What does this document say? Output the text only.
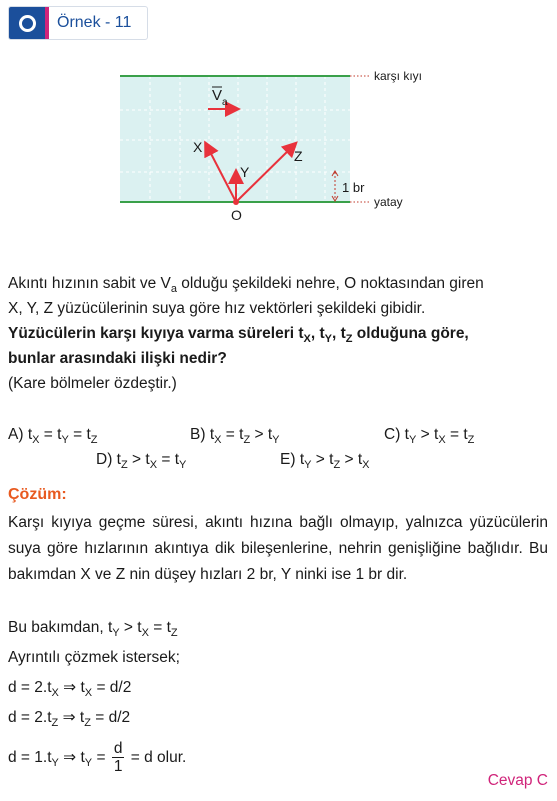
Örnek - 11
V a
X
Y
Z
O
1 br
karşı kıyı
yatay
Akıntı hızının sabit ve $V_a$ olduğu şekildeki nehre, O noktasından giren
X, Y, Z yüzücülerinin suya göre hız vektörleri şekildeki gibidir.
Yüzücülerin karşı kıyıya varma süreleri $t_X$, $t_Y$, $t_Z$ olduğuna göre,
bunlar arasındaki ilişki nedir?
(Kare bölmeler özdeştir.)
A) $t_X = t_Y = t_Z$	B) $t_X = t_Z > t_Y$	C) $t_Y > t_X = t_Z$
D) $t_Z > t_X = t_Y$	E) $t_Y > t_Z > t_X$
Çözüm:
Karşı kıyıya geçme süresi, akıntı hızına bağlı olmayıp, yalnızca yüzücülerin suya göre hızlarının akıntıya dik bileşenlerine, nehrin genişliğine bağlıdır. Bu bakımdan X ve Z nin düşey hızları 2 br, Y ninki ise 1 br dir.
Bu bakımdan, $t_Y > t_X = t_Z$
Ayrıntılı çözmek istersek;
$d = 2.t_X$ ⇒ $t_X = d/2$
$d = 2.t_Z$ ⇒ $t_Z = d/2$
$d = 1.t_Y$ ⇒ $t_Y = \frac{d}{1} = d$ olur.
Cevap C
